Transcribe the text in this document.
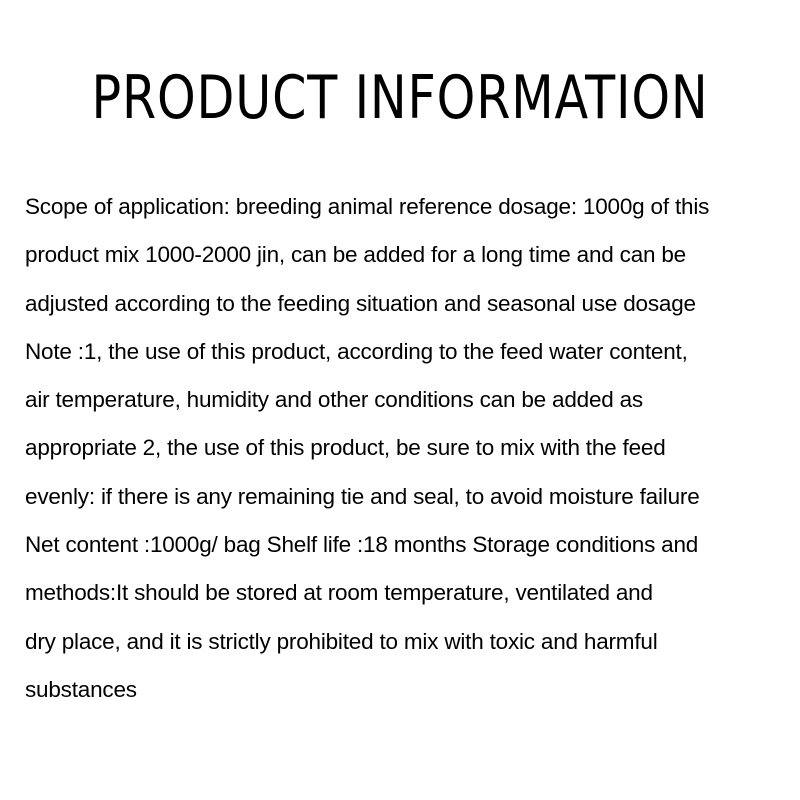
PRODUCT INFORMATION
Scope of application: breeding animal reference dosage: 1000g of this
product mix 1000-2000 jin, can be added for a long time and can be
adjusted according to the feeding situation and seasonal use dosage
Note :1, the use of this product, according to the feed water content,
air temperature, humidity and other conditions can be added as
appropriate 2, the use of this product, be sure to mix with the feed
evenly: if there is any remaining tie and seal, to avoid moisture failure
Net content :1000g/ bag Shelf life :18 months Storage conditions and
methods:It should be stored at room temperature, ventilated and
dry place, and it is strictly prohibited to mix with toxic and harmful
substances
